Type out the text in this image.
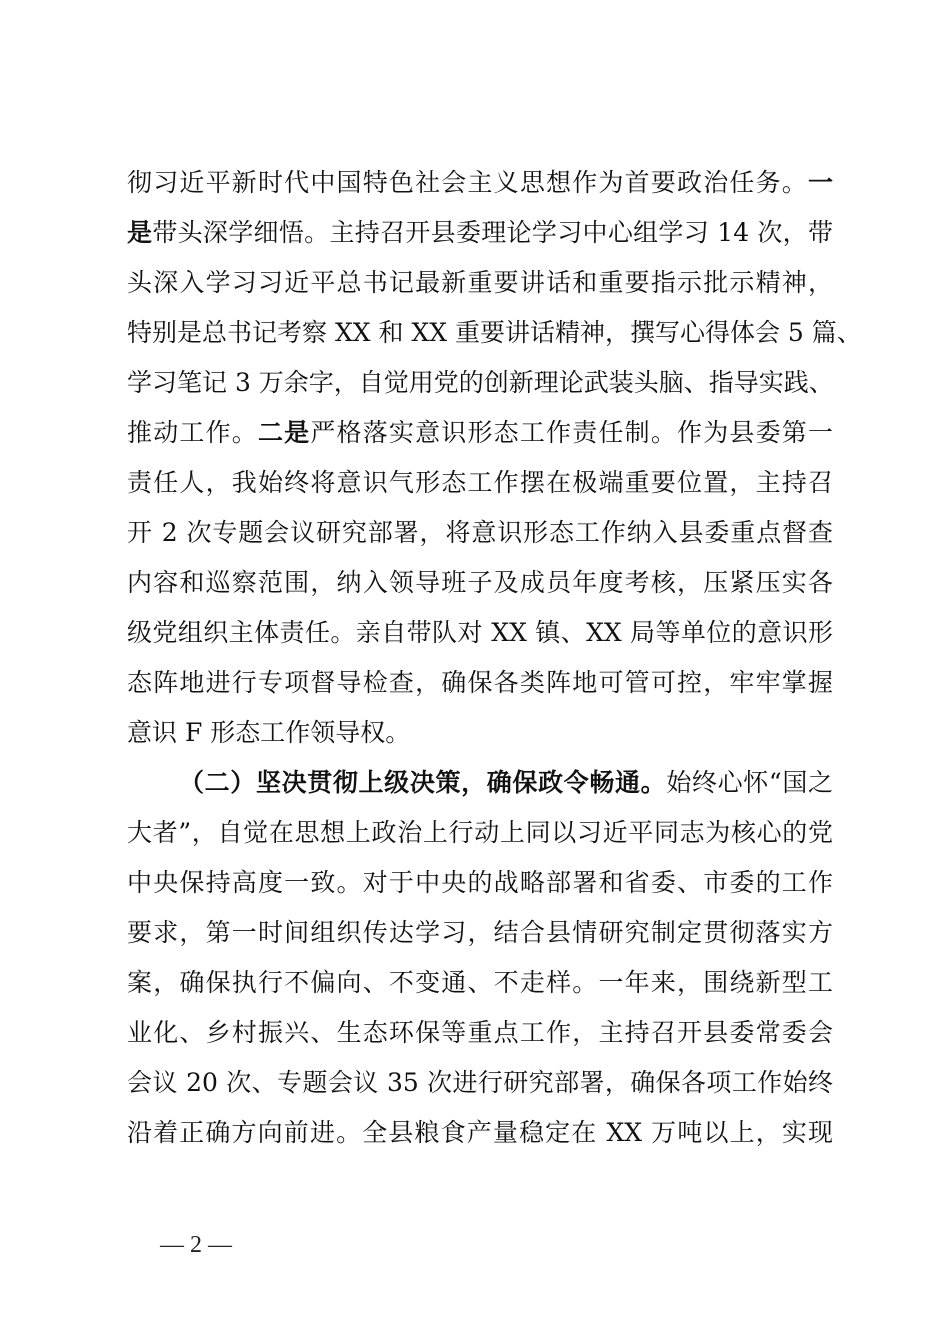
彻习近平新时代中国特色社会主义思想作为首要政治任务。一
是带头深学细悟。主持召开县委理论学习中心组学习 14 次，带
头深入学习习近平总书记最新重要讲话和重要指示批示精神，
特别是总书记考察 XX 和 XX 重要讲话精神，撰写心得体会 5 篇、
学习笔记 3 万余字，自觉用党的创新理论武装头脑、指导实践、
推动工作。二是严格落实意识形态工作责任制。作为县委第一
责任人，我始终将意识气形态工作摆在极端重要位置，主持召
开 2 次专题会议研究部署，将意识形态工作纳入县委重点督查
内容和巡察范围，纳入领导班子及成员年度考核，压紧压实各
级党组织主体责任。亲自带队对 XX 镇、XX 局等单位的意识形
态阵地进行专项督导检查，确保各类阵地可管可控，牢牢掌握
意识 F 形态工作领导权。
（二）坚决贯彻上级决策，确保政令畅通。始终心怀“国之
大者”，自觉在思想上政治上行动上同以习近平同志为核心的党
中央保持高度一致。对于中央的战略部署和省委、市委的工作
要求，第一时间组织传达学习，结合县情研究制定贯彻落实方
案，确保执行不偏向、不变通、不走样。一年来，围绕新型工
业化、乡村振兴、生态环保等重点工作，主持召开县委常委会
会议 20 次、专题会议 35 次进行研究部署，确保各项工作始终
沿着正确方向前进。全县粮食产量稳定在 XX 万吨以上，实现
— 2 —
